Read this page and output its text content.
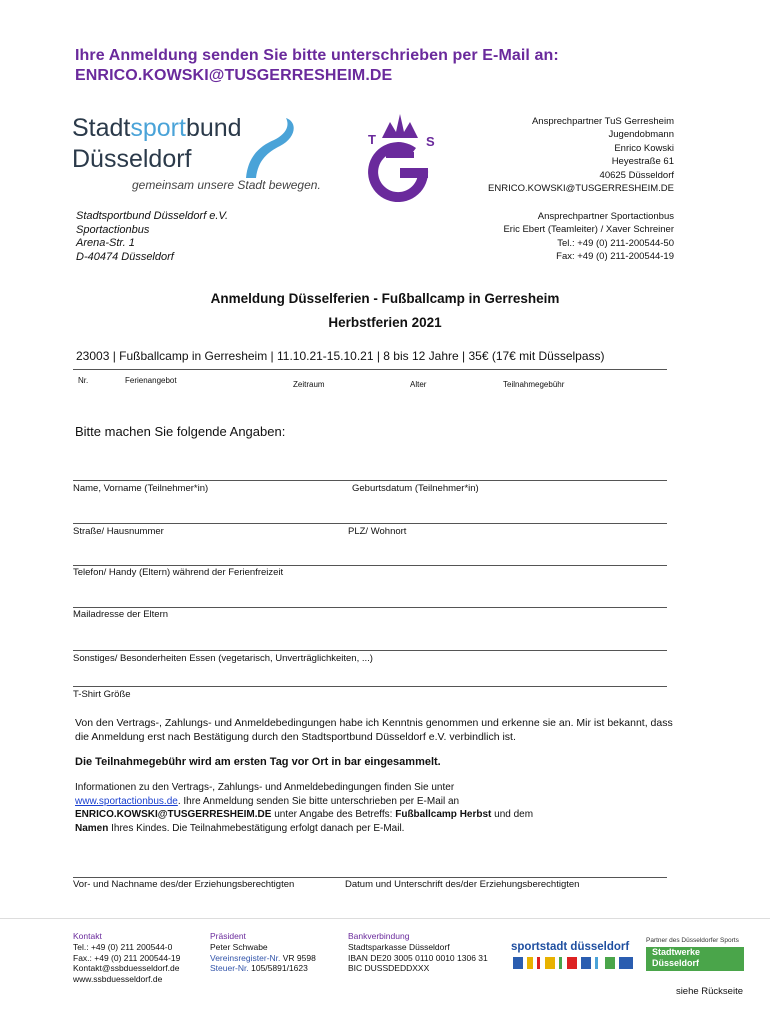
Ihre Anmeldung senden Sie bitte unterschrieben per E-Mail an:
ENRICO.KOWSKI@TUSGERRESHEIM.DE
Stadtsportbund
Düsseldorf
gemeinsam unsere Stadt bewegen.
T
U S
Ansprechpartner TuS Gerresheim
Jugendobmann
Enrico Kowski
Heyestraße 61
40625 Düsseldorf
ENRICO.KOWSKI@TUSGERRESHEIM.DE
Stadtsportbund Düsseldorf e.V.
Sportactionbus
Arena-Str. 1
D-40474 Düsseldorf
Ansprechpartner Sportactionbus
Eric Ebert (Teamleiter) / Xaver Schreiner
Tel.: +49 (0) 211-200544-50
Fax: +49 (0) 211-200544-19
Anmeldung Düsselferien - Fußballcamp in Gerresheim
Herbstferien 2021
23003 | Fußballcamp in Gerresheim | 11.10.21-15.10.21 | 8 bis 12 Jahre | 35€ (17€ mit Düsselpass)
Nr.	Ferienangebot	Zeitraum	Alter	Teilnahmegebühr
Bitte machen Sie folgende Angaben:
Name, Vorname (Teilnehmer*in)	Geburtsdatum (Teilnehmer*in)
Straße/ Hausnummer	PLZ/ Wohnort
Telefon/ Handy (Eltern) während der Ferienfreizeit
Mailadresse der Eltern
Sonstiges/ Besonderheiten Essen (vegetarisch, Unverträglichkeiten, ...)
T-Shirt Größe
Von den Vertrags-, Zahlungs- und Anmeldebedingungen habe ich Kenntnis genommen und erkenne sie an. Mir ist bekannt, dass die Anmeldung erst nach Bestätigung durch den Stadtsportbund Düsseldorf e.V. verbindlich ist.
Die Teilnahmegebühr wird am ersten Tag vor Ort in bar eingesammelt.
Informationen zu den Vertrags-, Zahlungs- und Anmeldebedingungen finden Sie unter
www.sportactionbus.de. Ihre Anmeldung senden Sie bitte unterschrieben per E-Mail an
ENRICO.KOWSKI@TUSGERRESHEIM.DE unter Angabe des Betreffs: Fußballcamp Herbst und dem
Namen Ihres Kindes. Die Teilnahmebestätigung erfolgt danach per E-Mail.
Vor- und Nachname des/der Erziehungsberechtigten	Datum und Unterschrift des/der Erziehungsberechtigten
Kontakt
Tel.: +49 (0) 211 200544-0
Fax.: +49 (0) 211 200544-19
Kontakt@ssbduesseldorf.de
www.ssbduesseldorf.de
Präsident
Peter Schwabe
Vereinsregister-Nr. VR 9598
Steuer-Nr. 105/5891/1623
Bankverbindung
Stadtsparkasse Düsseldorf
IBAN DE20 3005 0110 0010 1306 31
BIC DUSSDEDDXXX
sportstadt düsseldorf
Partner des Düsseldorfer Sports
Stadtwerke
Düsseldorf
siehe Rückseite
